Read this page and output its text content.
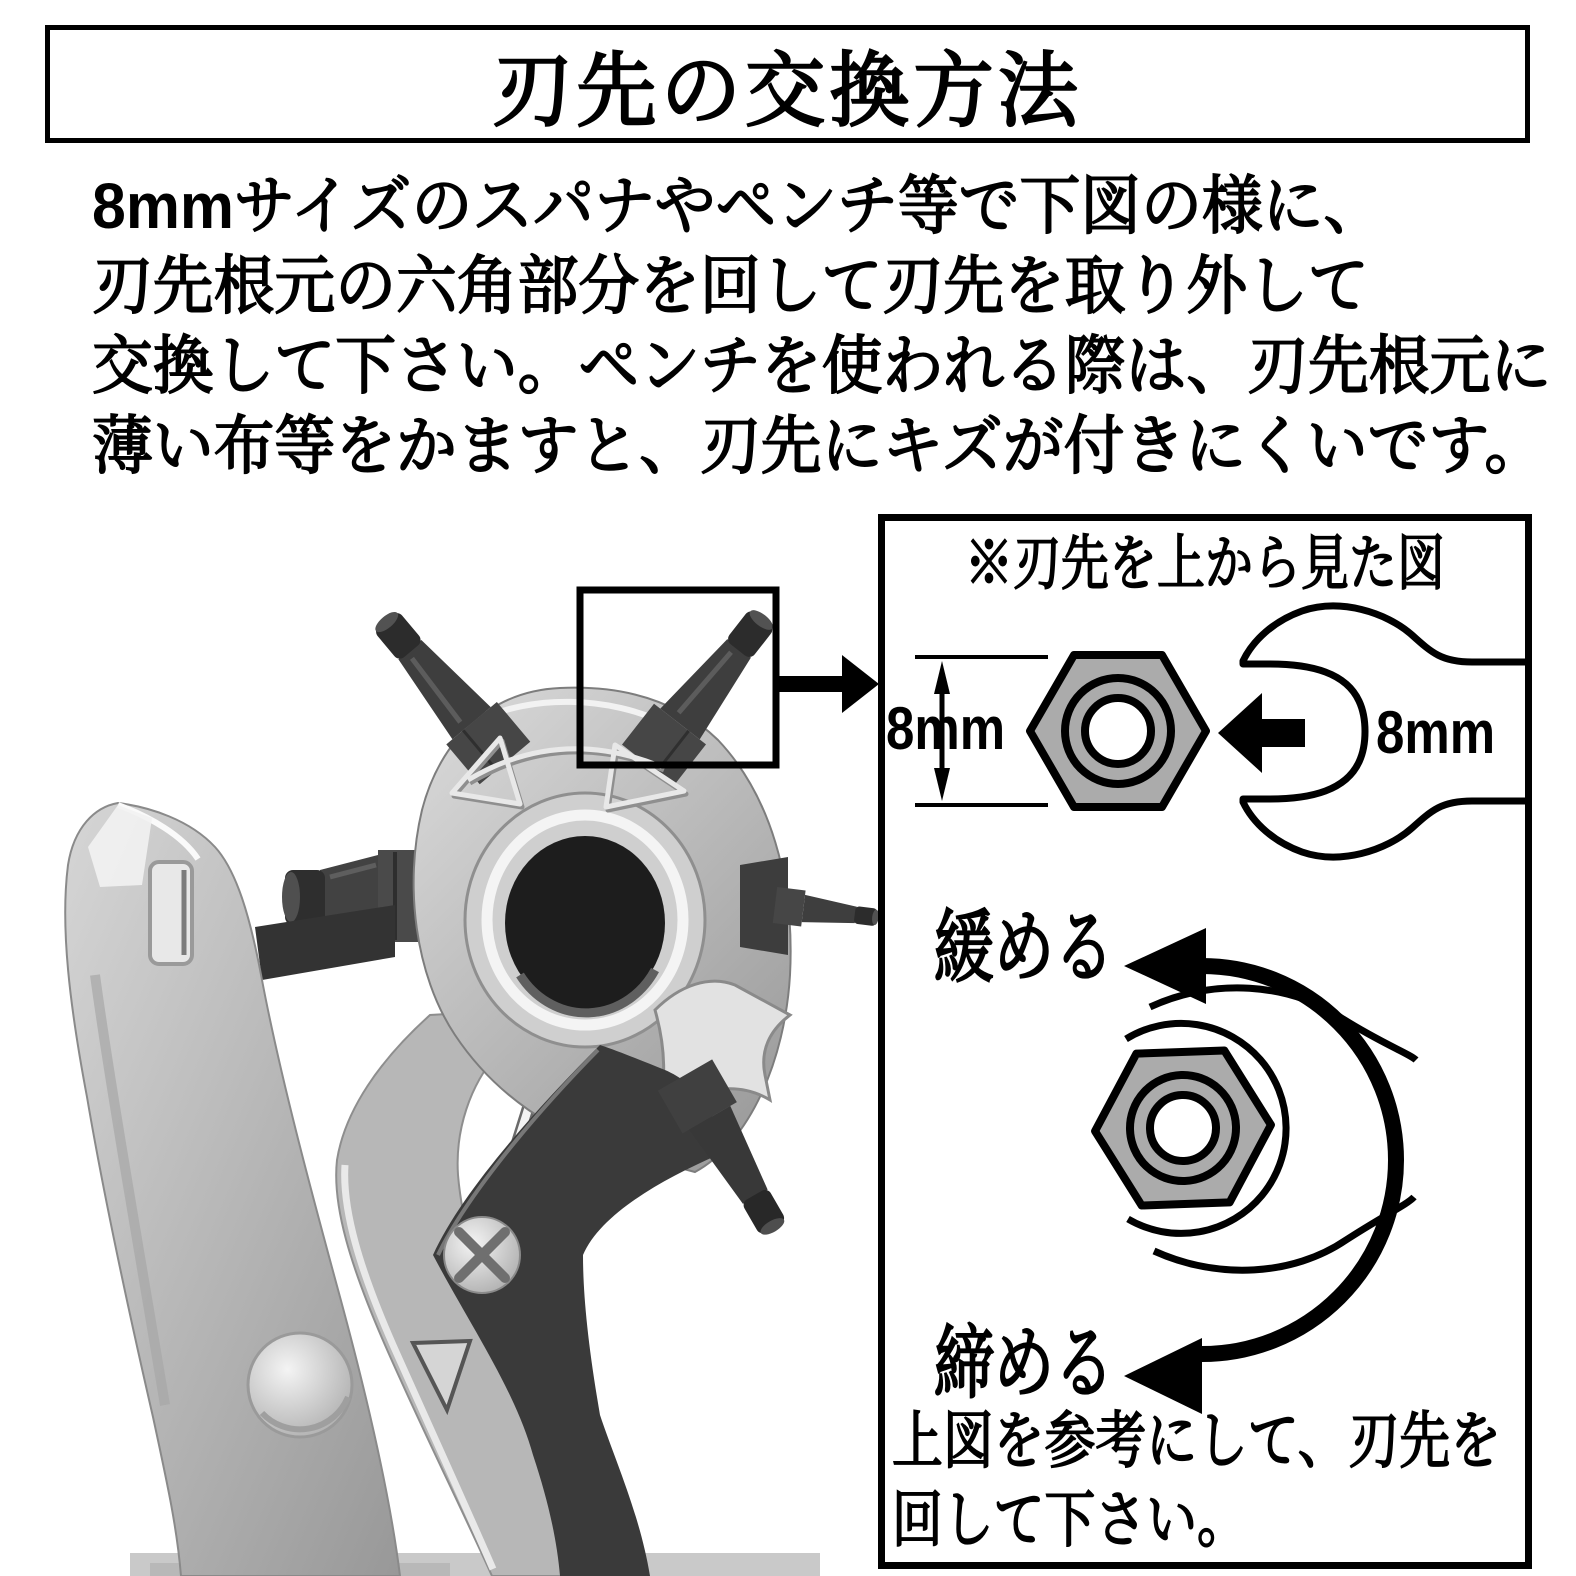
刃先の交換方法
8mmサイズのスパナやペンチ等で下図の様に、
刃先根元の六角部分を回して刃先を取り外して
交換して下さい。ペンチを使われる際は、刃先根元に
薄い布等をかますと、刃先にキズが付きにくいです。
※刃先を上から見た図
8mm	8mm
緩める
締める
上図を参考にして、刃先を
回して下さい。
